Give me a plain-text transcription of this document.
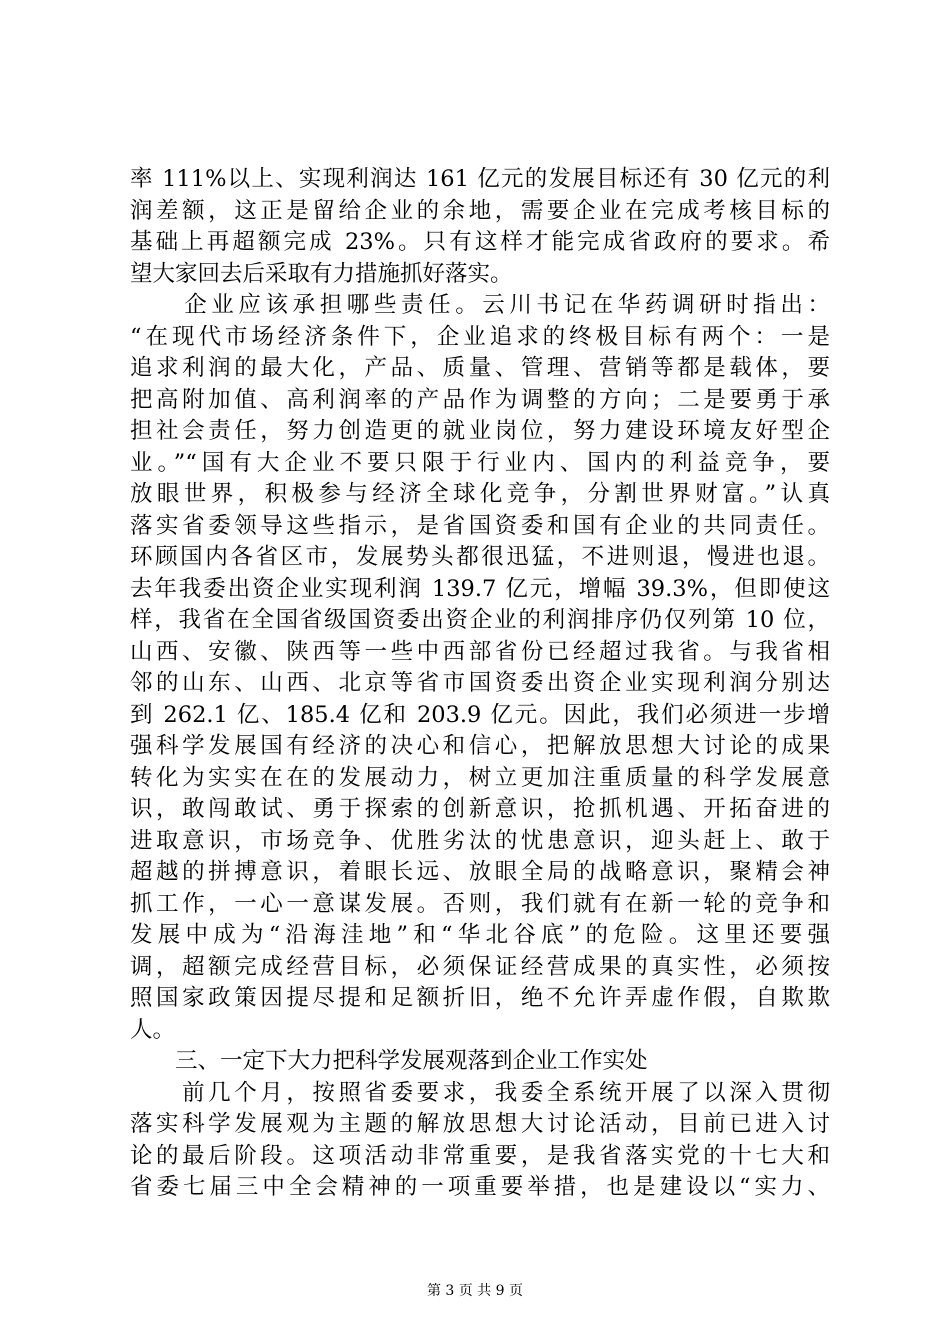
率 111%以上、实现利润达 161 亿元的发展目标还有 30 亿元的利
润差额，这正是留给企业的余地，需要企业在完成考核目标的
基础上再超额完成 23%。只有这样才能完成省政府的要求。希
望大家回去后采取有力措施抓好落实。
　　企业应该承担哪些责任。云川书记在华药调研时指出：
“在现代市场经济条件下，企业追求的终极目标有两个：一是
追求利润的最大化，产品、质量、管理、营销等都是载体，要
把高附加值、高利润率的产品作为调整的方向；二是要勇于承
担社会责任，努力创造更的就业岗位，努力建设环境友好型企
业。”“国有大企业不要只限于行业内、国内的利益竞争，要
放眼世界，积极参与经济全球化竞争，分割世界财富。”认真
落实省委领导这些指示，是省国资委和国有企业的共同责任。
环顾国内各省区市，发展势头都很迅猛，不进则退，慢进也退。
去年我委出资企业实现利润 139.7 亿元，增幅 39.3%，但即使这
样，我省在全国省级国资委出资企业的利润排序仍仅列第 10 位，
山西、安徽、陕西等一些中西部省份已经超过我省。与我省相
邻的山东、山西、北京等省市国资委出资企业实现利润分别达
到 262.1 亿、185.4 亿和 203.9 亿元。因此，我们必须进一步增
强科学发展国有经济的决心和信心，把解放思想大讨论的成果
转化为实实在在的发展动力，树立更加注重质量的科学发展意
识，敢闯敢试、勇于探索的创新意识，抢抓机遇、开拓奋进的
进取意识，市场竞争、优胜劣汰的忧患意识，迎头赶上、敢于
超越的拼搏意识，着眼长远、放眼全局的战略意识，聚精会神
抓工作，一心一意谋发展。否则，我们就有在新一轮的竞争和
发展中成为“沿海洼地”和“华北谷底”的危险。这里还要强
调，超额完成经营目标，必须保证经营成果的真实性，必须按
照国家政策因提尽提和足额折旧，绝不允许弄虚作假，自欺欺
人。
　　三、一定下大力把科学发展观落到企业工作实处
　　前几个月，按照省委要求，我委全系统开展了以深入贯彻
落实科学发展观为主题的解放思想大讨论活动，目前已进入讨
论的最后阶段。这项活动非常重要，是我省落实党的十七大和
省委七届三中全会精神的一项重要举措，也是建设以“实力、
第 3 页 共 9 页
